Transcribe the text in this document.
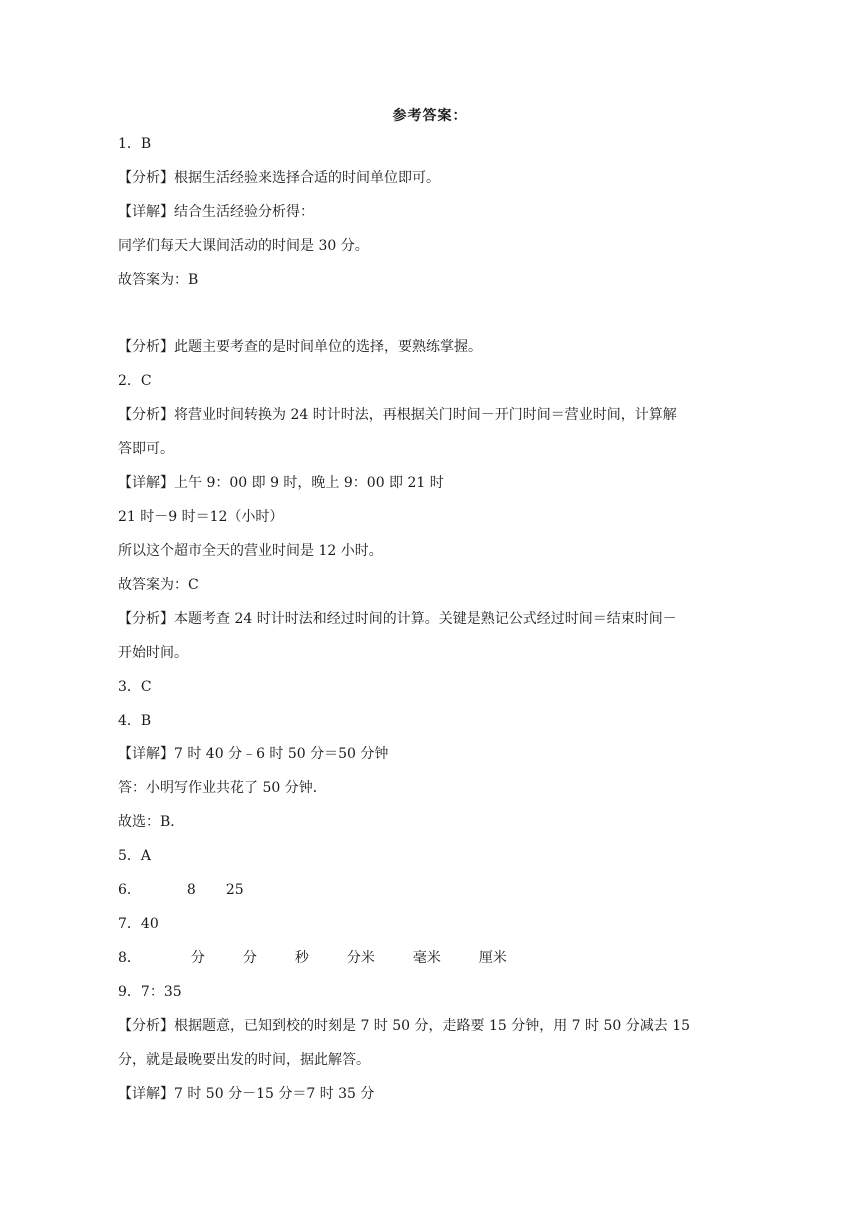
参考答案：
1．B
【分析】根据生活经验来选择合适的时间单位即可。
【详解】结合生活经验分析得：
同学们每天大课间活动的时间是 30 分。
故答案为：B
【分析】此题主要考查的是时间单位的选择，要熟练掌握。
2．C
【分析】将营业时间转换为 24 时计时法，再根据关门时间－开门时间＝营业时间，计算解
答即可。
【详解】上午 9：00 即 9 时，晚上 9：00 即 21 时
21 时－9 时＝12（小时）
所以这个超市全天的营业时间是 12 小时。
故答案为：C
【分析】本题考查 24 时计时法和经过时间的计算。关键是熟记公式经过时间＝结束时间－
开始时间。
3．C
4．B
【详解】7 时 40 分﹣6 时 50 分＝50 分钟
答：小明写作业共花了 50 分钟．
故选：B．
5．A
6．	8 25
7．40
8．	分	分	秒	分米	毫米	厘米
9．7：35
【分析】根据题意，已知到校的时刻是 7 时 50 分，走路要 15 分钟，用 7 时 50 分减去 15
分，就是最晚要出发的时间，据此解答。
【详解】7 时 50 分－15 分＝7 时 35 分
